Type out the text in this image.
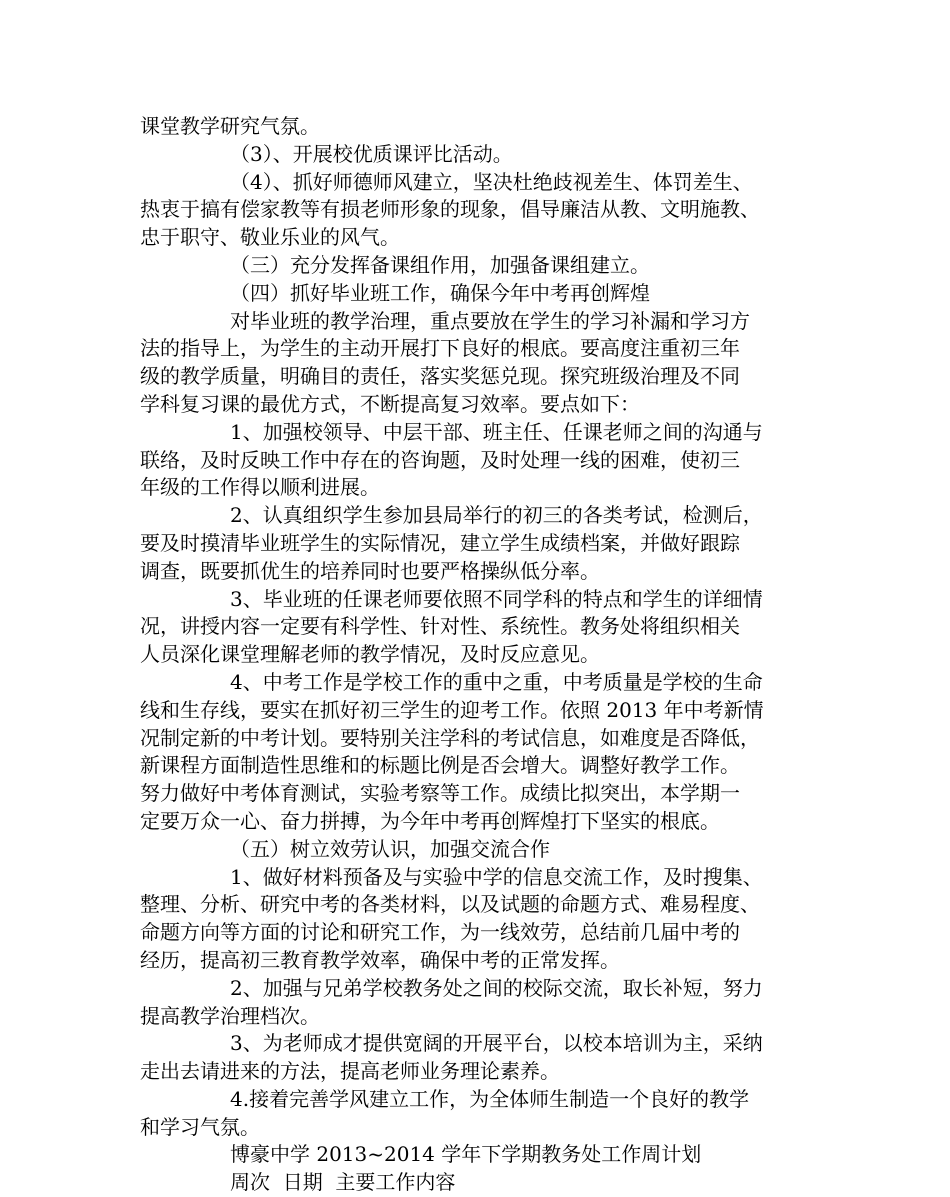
课堂教学研究气氛。
（3）、开展校优质课评比活动。
（4）、抓好师德师风建立，坚决杜绝歧视差生、体罚差生、
热衷于搞有偿家教等有损老师形象的现象，倡导廉洁从教、文明施教、
忠于职守、敬业乐业的风气。
（三）充分发挥备课组作用，加强备课组建立。
（四）抓好毕业班工作，确保今年中考再创辉煌
对毕业班的教学治理，重点要放在学生的学习补漏和学习方
法的指导上，为学生的主动开展打下良好的根底。要高度注重初三年
级的教学质量，明确目的责任，落实奖惩兑现。探究班级治理及不同
学科复习课的最优方式，不断提高复习效率。要点如下：
1、加强校领导、中层干部、班主任、任课老师之间的沟通与
联络，及时反映工作中存在的咨询题，及时处理一线的困难，使初三
年级的工作得以顺利进展。
2、认真组织学生参加县局举行的初三的各类考试，检测后，
要及时摸清毕业班学生的实际情况，建立学生成绩档案，并做好跟踪
调查，既要抓优生的培养同时也要严格操纵低分率。
3、毕业班的任课老师要依照不同学科的特点和学生的详细情
况，讲授内容一定要有科学性、针对性、系统性。教务处将组织相关
人员深化课堂理解老师的教学情况，及时反应意见。
4、中考工作是学校工作的重中之重，中考质量是学校的生命
线和生存线，要实在抓好初三学生的迎考工作。依照 2013 年中考新情
况制定新的中考计划。要特别关注学科的考试信息，如难度是否降低，
新课程方面制造性思维和的标题比例是否会增大。调整好教学工作。
努力做好中考体育测试，实验考察等工作。成绩比拟突出，本学期一
定要万众一心、奋力拼搏，为今年中考再创辉煌打下坚实的根底。
（五）树立效劳认识，加强交流合作
1、做好材料预备及与实验中学的信息交流工作，及时搜集、
整理、分析、研究中考的各类材料，以及试题的命题方式、难易程度、
命题方向等方面的讨论和研究工作，为一线效劳，总结前几届中考的
经历，提高初三教育教学效率，确保中考的正常发挥。
2、加强与兄弟学校教务处之间的校际交流，取长补短，努力
提高教学治理档次。
3、为老师成才提供宽阔的开展平台，以校本培训为主，采纳
走出去请进来的方法，提高老师业务理论素养。
4.接着完善学风建立工作，为全体师生制造一个良好的教学
和学习气氛。
博豪中学 2013~2014 学年下学期教务处工作周计划
周次  日期  主要工作内容
